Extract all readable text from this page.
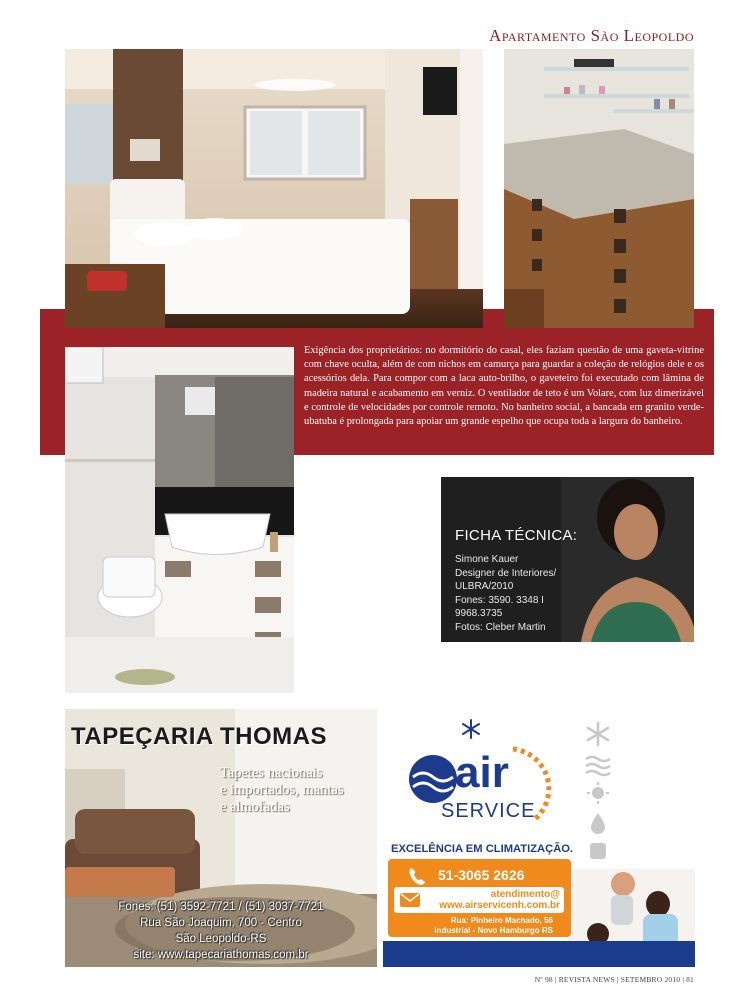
Apartamento São Leopoldo
Exigência dos proprietários: no dormitório do casal, eles faziam questão de uma gaveta-vitrine com chave oculta, além de com nichos em camurça para guardar a coleção de relógios dele e os acessórios dela. Para compor com a laca auto-brilho, o gaveteiro foi executado com lâmina de madeira natural e acabamento em verniz. O ventilador de teto é um Volare, com luz dimerizável e controle de velocidades por controle remoto. No banheiro social, a bancada em granito verde-ubatuba é prolongada para apoiar um grande espelho que ocupa toda a largura do banheiro.
FICHA TÉCNICA:
Simone Kauer
Designer de Interiores/
ULBRA/2010
Fones: 3590. 3348 I
9968.3735
Fotos: Cleber Martin
TAPEÇARIA THOMAS
Tapetes nacionais
e importados, mantas
e almofadas
Fones: (51) 3592-7721 / (51) 3037-7721
Rua São Joaquim, 700 - Centro
São Leopoldo-RS
site: www.tapecariathomas.com.br
air
SERVICE
EXCELÊNCIA EM CLIMATIZAÇÃO.
51-3065 2626
atendimento@
www.airservicenh.com.br
Rua: Pinheiro Machado, 56
Industrial - Novo Hamburgo RS
Nº 98 | REVISTA NEWS | SETEMBRO 2010 | 81
